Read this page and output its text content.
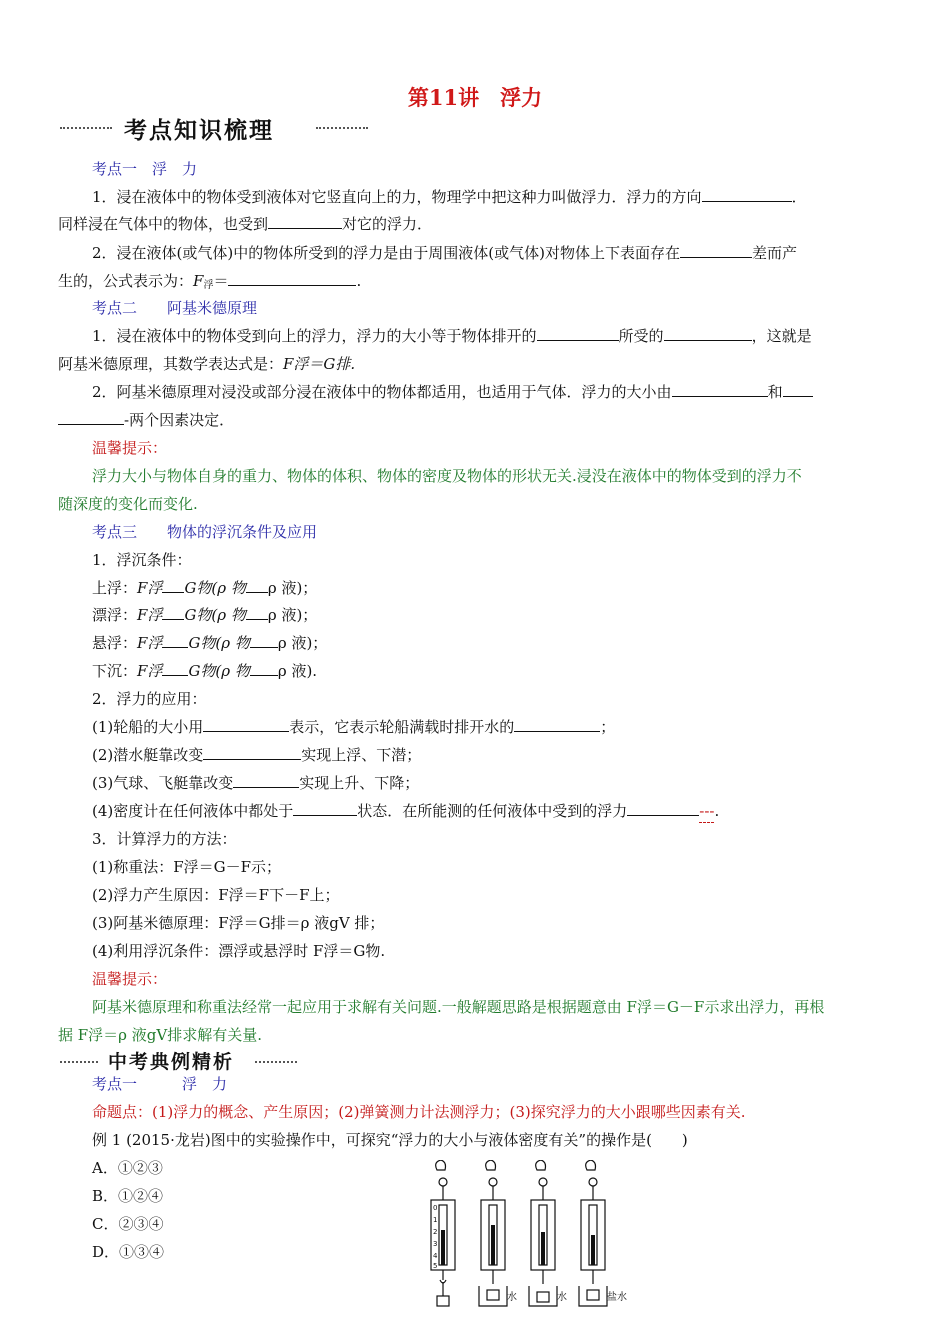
第11讲　浮力
考点知识梳理
考点一　浮　力
1．浸在液体中的物体受到液体对它竖直向上的力，物理学中把这种力叫做浮力．浮力的方向	．
同样浸在气体中的物体，也受到	对它的浮力．
2．浸在液体(或气体)中的物体所受到的浮力是由于周围液体(或气体)对物体上下表面存在	差而产
生的，公式表示为：$F_浮=$	.
考点二　　阿基米德原理
1．浸在液体中的物体受到向上的浮力，浮力的大小等于物体排开的	所受的	，这就是
阿基米德原理，其数学表达式是：F浮＝G排.
2．阿基米德原理对浸没或部分浸在液体中的物体都适用，也适用于气体．浮力的大小由	和
-两个因素决定．
温馨提示：
浮力大小与物体自身的重力、物体的体积、物体的密度及物体的形状无关.浸没在液体中的物体受到的浮力不
随深度的变化而变化.
考点三　　物体的浮沉条件及应用
1．浮沉条件：
上浮：F浮 G物(ρ 物 ρ 液)；
漂浮：F浮 G物(ρ 物 ρ 液)；
悬浮：F浮 G物(ρ 物 ρ 液)；
下沉：F浮 G物(ρ 物 ρ 液).
2．浮力的应用：
(1)轮船的大小用	表示，它表示轮船满载时排开水的	；
(2)潜水艇靠改变	实现上浮、下潜；
(3)气球、飞艇靠改变	实现上升、下降；
(4)密度计在任何液体中都处于	状态．在所能测的任何液体中受到的浮力	---.
3．计算浮力的方法：
(1)称重法：F浮＝G－F示；
(2)浮力产生原因：F浮＝F下－F上；
(3)阿基米德原理：F浮＝G排＝ρ 液gV 排；
(4)利用浮沉条件：漂浮或悬浮时 F浮＝G物.
温馨提示：
阿基米德原理和称重法经常一起应用于求解有关问题.一般解题思路是根据题意由 F浮＝G－F示求出浮力，再根
据 F浮＝ρ 液gV排求解有关量.
中考典例精析
考点一　　　浮　力
命题点：(1)浮力的概念、产生原因；(2)弹簧测力计法测浮力；(3)探究浮力的大小跟哪些因素有关.
例 1 (2015·龙岩)图中的实验操作中，可探究“浮力的大小与液体密度有关”的操作是(　　)
A．①②③
B．①②④
C．②③④
D．①③④
0
1
2
3
4
5
水	水	盐水
